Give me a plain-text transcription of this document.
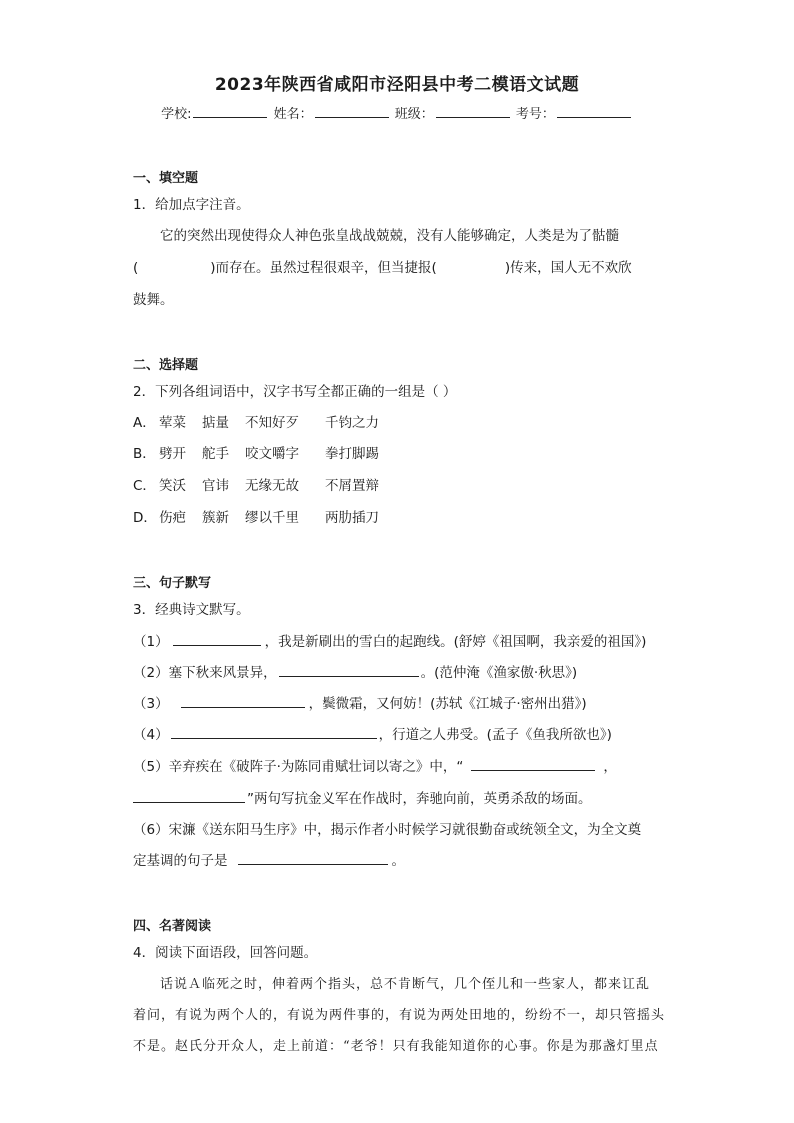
2023年陕西省咸阳市泾阳县中考二模语文试题
学校:	姓名：	班级：	考号：
一、填空题
1．给加点字注音。
它的突然出现使得众人神色张皇战战兢兢，没有人能够确定，人类是为了骷髓
(	)而存在。虽然过程很艰辛，但当捷报(	)传来，国人无不欢欣
鼓舞。
二、选择题
2．下列各组词语中，汉字书写全都正确的一组是（ ）
A． 荤菜 掂量 不知好歹 千钧之力
B． 劈开 舵手 咬文嚼字 拳打脚踢
C． 笑沃 官讳 无缘无故 不屑置辩
D． 伤疤 簇新 缪以千里 两肋插刀
三、句子默写
3．经典诗文默写。
（1）	，我是新刷出的雪白的起跑线。(舒婷《祖国啊，我亲爱的祖国》)
（2）塞下秋来风景异，	。(范仲淹《渔家傲·秋思》)
（3）	，鬓微霜，又何妨！(苏轼《江城子·密州出猎》)
（4）	，行道之人弗受。(孟子《鱼我所欲也》)
（5）辛弃疾在《破阵子·为陈同甫赋壮词以寄之》中，“	，
”两句写抗金义军在作战时，奔驰向前，英勇杀敌的场面。
（6）宋濂《送东阳马生序》中，揭示作者小时候学习就很勤奋或统领全文，为全文奠
定基调的句子是	。
四、名著阅读
4．阅读下面语段，回答问题。
话说Ａ临死之时，伸着两个指头，总不肯断气，几个侄儿和一些家人，都来讧乱
着问，有说为两个人的，有说为两件事的，有说为两处田地的，纷纷不一，却只管摇头
不是。赵氏分开众人，走上前道：“老爷！只有我能知道你的心事。你是为那盏灯里点
